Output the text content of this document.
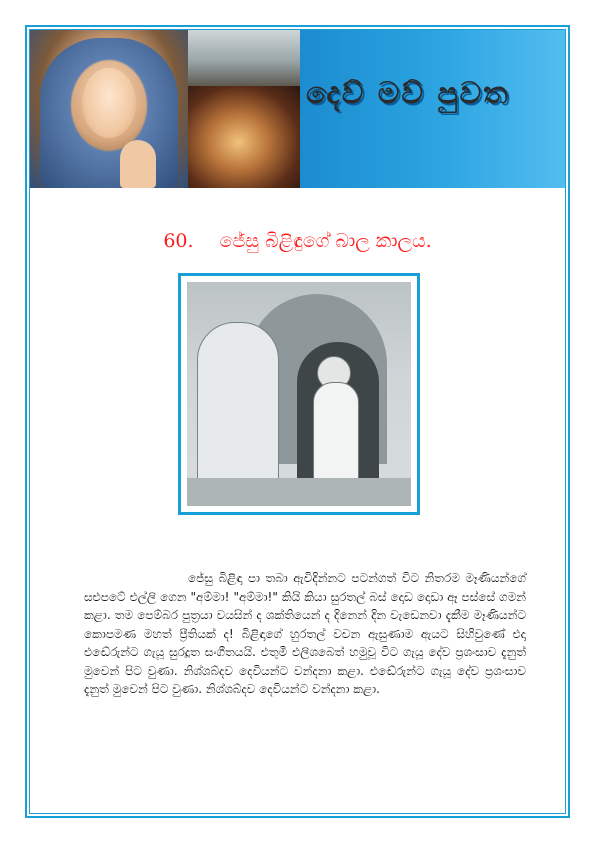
දෙව් මව් පුවත
60. ජේසු බිළිඳුගේ බාල කාලය.
ජේසු බිළිඳා පා තබා ඇවිදින්නට පටන්ගත් විට නිතරම මෑණියන්ගේ සළුපටේ එල්ලි ගෙන "අම්මා! "අම්මා!" කියි කියා සුරතල් බස් දොඩ දොඩා ඈ පස්සේ ගමන් කළා. තම පෙම්බර පුත්‍රයා වයසින් ද ශක්තියෙන් ද දිනෙන් දින වැඩෙනවා දැකීම මෑණියන්ට කොපමණ මහත් ප්‍රීතියක් ද! බිළිඳාගේ හුරතල් වචන ඇසුණාම ඇයට සිහිවුණේ එදා එඬේරුන්ට ගැයූ සුරදූත සංගීතයයි. එතුමී එලිශබෙත් හමුවූ විට ගැයූ දේව ප්‍රශංසාව දැනුත් මුවෙන් පිට වුණා. නිශ්ශබ්දව දෙවියන්ට වන්දනා කළා. එඬේරුන්ට ගැයූ දේව ප්‍රශංසාව දැනුත් මුවෙන් පිට වුණා. නිශ්ශබ්දව දෙවියන්ට වන්දනා කළා.
